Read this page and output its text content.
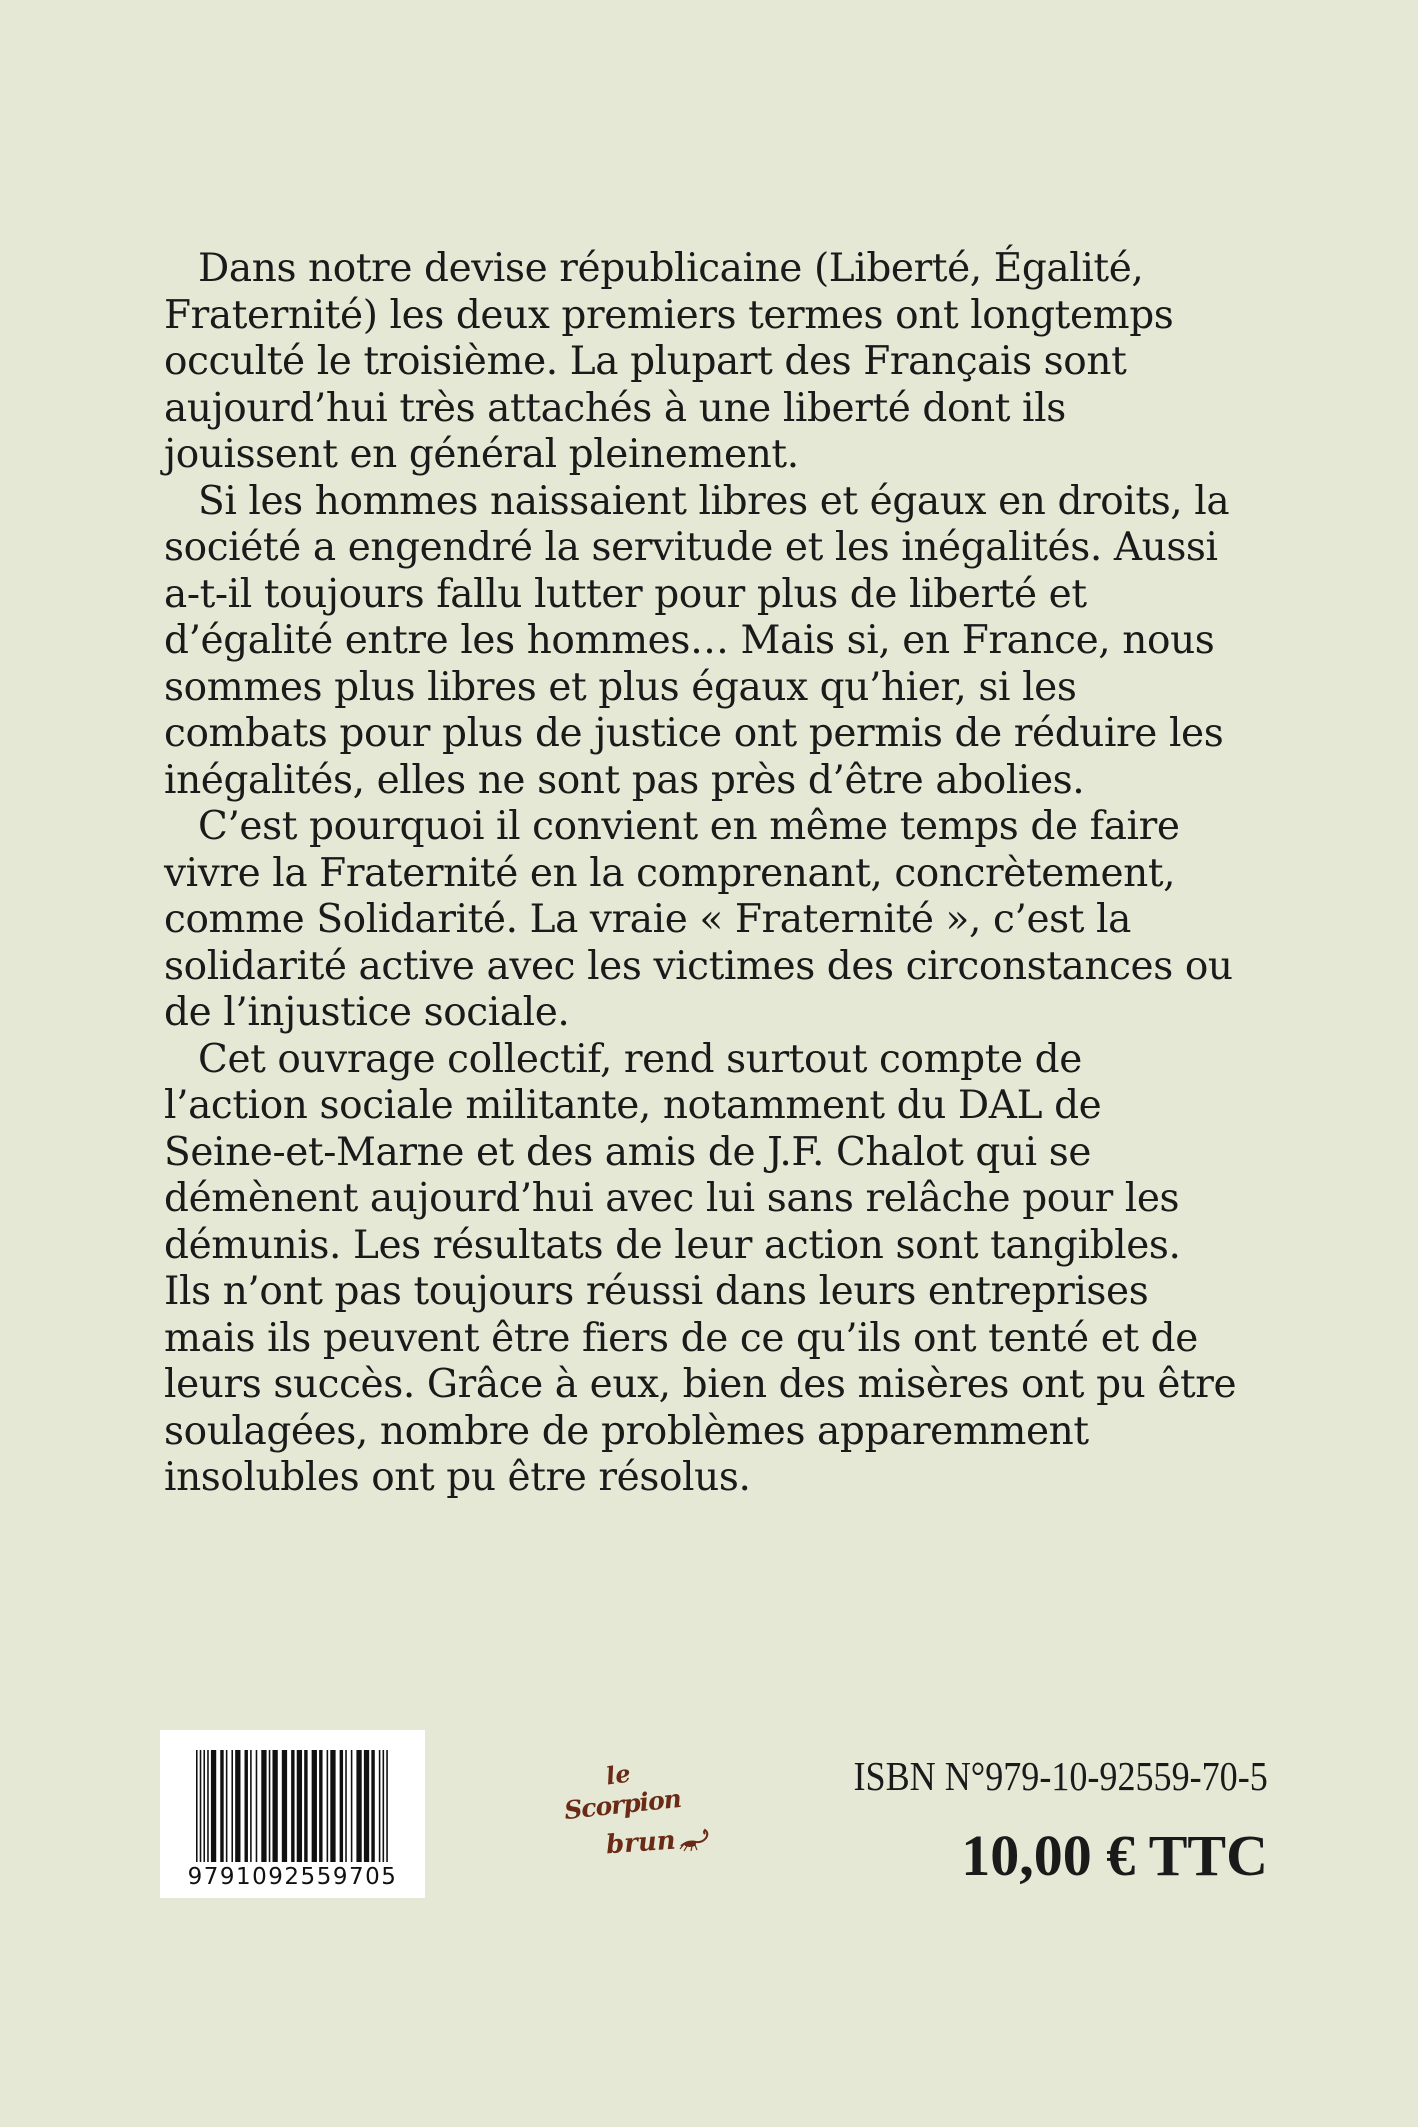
Dans notre devise républicaine (Liberté, Égalité,
Fraternité) les deux premiers termes ont longtemps
occulté le troisième. La plupart des Français sont
aujourd’hui très attachés à une liberté dont ils
jouissent en général pleinement.

Si les hommes naissaient libres et égaux en droits, la
société a engendré la servitude et les inégalités. Aussi
a-t-il toujours fallu lutter pour plus de liberté et
d’égalité entre les hommes… Mais si, en France, nous
sommes plus libres et plus égaux qu’hier, si les
combats pour plus de justice ont permis de réduire les
inégalités, elles ne sont pas près d’être abolies.

C’est pourquoi il convient en même temps de faire
vivre la Fraternité en la comprenant, concrètement,
comme Solidarité. La vraie « Fraternité », c’est la
solidarité active avec les victimes des circonstances ou
de l’injustice sociale.

Cet ouvrage collectif, rend surtout compte de
l’action sociale militante, notamment du DAL de
Seine-et-Marne et des amis de J.F. Chalot qui se
démènent aujourd’hui avec lui sans relâche pour les
démunis. Les résultats de leur action sont tangibles.
Ils n’ont pas toujours réussi dans leurs entreprises
mais ils peuvent être fiers de ce qu’ils ont tenté et de
leurs succès. Grâce à eux, bien des misères ont pu être
soulagées, nombre de problèmes apparemment
insolubles ont pu être résolus.

9791092559705
le
Scorpion
brun
ISBN N°979-10-92559-70-5
10,00 € TTC
